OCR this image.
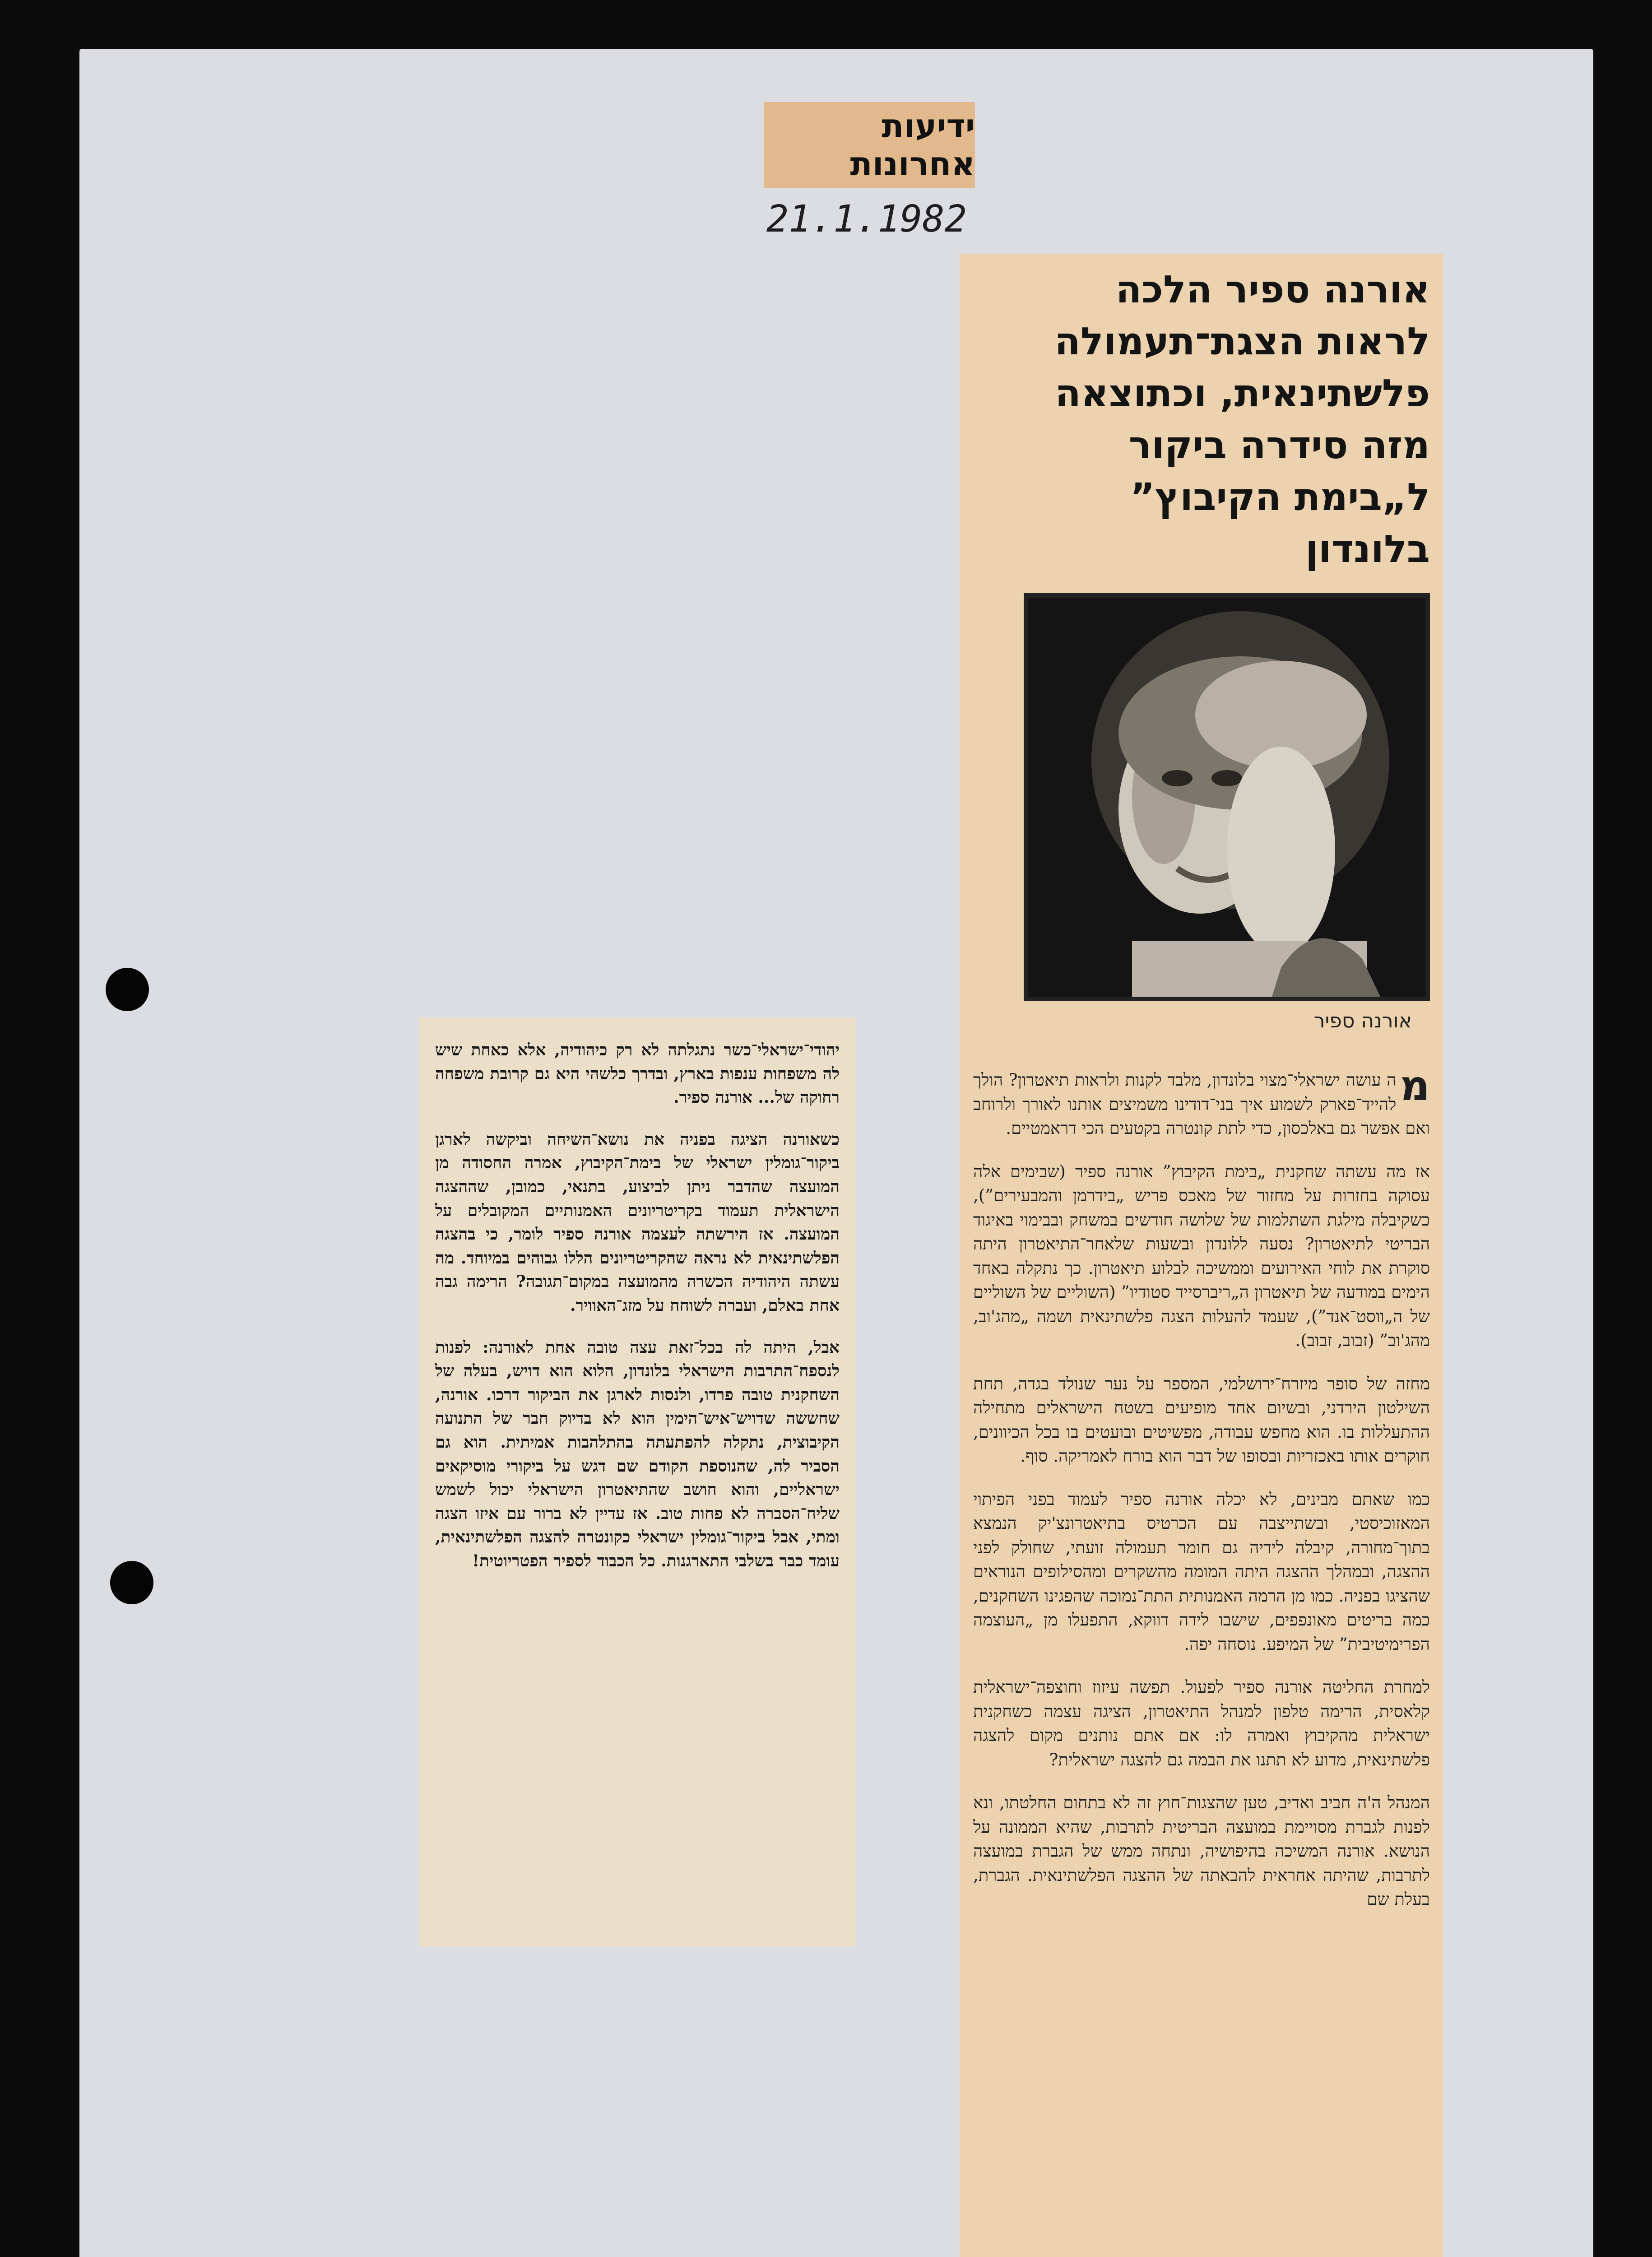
ידיעות אחרונות
21.1.1982
אורנה ספיר הלכה
לראות הצגת־תעמולה
פלשתינאית, וכתוצאה
מזה סידרה ביקור
ל„בימת הקיבוץ”
בלונדון
אורנה ספיר

מ
ה עושה ישראלי־מצוי בלונדון, מלבד לקנות ולראות תיאטרון? הולך להייד־פארק לשמוע איך בני־דודינו משמיצים אותנו לאורך ולרוחב ואם אפשר גם באלכסון, כדי לתת קונטרה בקטעים הכי דראמטיים.

אז מה עשתה שחקנית „בימת הקיבוץ” אורנה ספיר (שבימים אלה עסוקה בחזרות על מחזור של מאכס פריש „בידרמן והמבעירים”), כשקיבלה מילגת השתלמות של שלושה חודשים במשחק ובבימוי באיגוד הבריטי לתיאטרון? נסעה ללונדון ובשעות שלאחר־התיאטרון היתה סוקרת את לוחי האירועים וממשיכה לבלוע תיאטרון. כך נתקלה באחד הימים במודעה של תיאטרון ה„ריברסייד סטודיו” (השוליים של השוליים של ה„ווסט־אנד”), שעמד להעלות הצגה פלשתינאית ושמה „מהג'וב, מהג'וב” (זבוב, זבוב).

מחזה של סופר מיזרח־ירושלמי, המספר על נער שנולד בגדה, תחת השילטון הירדני, ובשיום אחד מופיעים בשטח הישראלים מתחילה ההתעללות בו. הוא מחפש עבודה, מפשיטים ובועטים בו בכל הכיוונים, חוקרים אותו באכזריות ובסופו של דבר הוא בורח לאמריקה. סוף.

כמו שאתם מבינים, לא יכלה אורנה ספיר לעמוד בפני הפיתוי המאזוכיסטי, ובשתייצבה עם הכרטיס בתיאטרונצ'יק הנמצא בתוך־מחורה, קיבלה לידיה גם חומר תעמולה זועתי, שחולק לפני ההצגה, ובמהלך ההצגה היתה המומה מהשקרים ומהסילופים הנוראים שהציגו בפניה. כמו מן הרמה האמנותית התת־נמוכה שהפגינו השחקנים, כמה בריטים מאונפפים, שישבו לידה דווקא, התפעלו מן „העוצמה הפרימיטיבית” של המיפע. נוסחה יפה.

למחרת החליטה אורנה ספיר לפעול. תפשה עיזוז וחוצפה־ישראלית קלאסית, הרימה טלפון למנהל התיאטרון, הציגה עצמה כשחקנית ישראלית מהקיבוץ ואמרה לו: אם אתם נותנים מקום להצגה פלשתינאית, מדוע לא תתנו את הבמה גם להצגה ישראלית?

המנהל ה'ה חביב ואדיב, טען שהצגות־חוץ זה לא בתחום החלטתו, ונא לפנות לגברת מסויימת במועצה הבריטית לתרבות, שהיא הממונה על הנושא. אורנה המשיכה בהיפושיה, ונתחה ממש של הגברת במועצה לתרבות, שהיתה אחראית להבאתה של ההצגה הפלשתינאית. הגברת, בעלת שם

יהודי־ישראלי־כשר נתגלתה לא רק כיהודיה, אלא כאחת שיש לה משפחות ענפות בארץ, ובדרך כלשהי היא גם קרובת משפחה רחוקה של... אורנה ספיר.

כשאורנה הציגה בפניה את נושא־השיחה וביקשה לארגן ביקור־גומלין ישראלי של בימת־הקיבוץ, אמרה החסודה מן המועצה שהדבר ניתן לביצוע, בתנאי, כמובן, שההצגה הישראלית תעמוד בקריטריונים האמנותיים המקובלים על המועצה. אז הירשתה לעצמה אורנה ספיר לומר, כי בהצגה הפלשתינאית לא נראה שהקריטריונים הללו גבוהים במיוחד. מה עשתה היהודיה הכשרה מהמועצה במקום־תגובה? הרימה גבה אחת באלם, ועברה לשוחח על מזג־האוויר.

אבל, היתה לה בכל־זאת עצה טובה אחת לאורנה: לפנות לנספח־התרבות הישראלי בלונדון, הלוא הוא דויש, בעלה של השחקנית טובה פרדו, ולנסות לארגן את הביקור דרכו. אורנה, שחששה שדויש־איש־הימין הוא לא בדיוק חבר של התנועה הקיבוצית, נתקלה להפתעתה בהתלהבות אמיתית. הוא גם הסביר לה, שהנוספת הקודם שם דגש על ביקורי מוסיקאים ישראליים, והוא חושב שהתיאטרון הישראלי יכול לשמש שליח־הסברה לא פחות טוב. אז עדיין לא ברור עם איזו הצגה ומתי, אבל ביקור־גומלין ישראלי כקונטרה להצגה הפלשתינאית, עומד כבר בשלבי התארגנות. כל הכבוד לספיר הפטריוטית!
